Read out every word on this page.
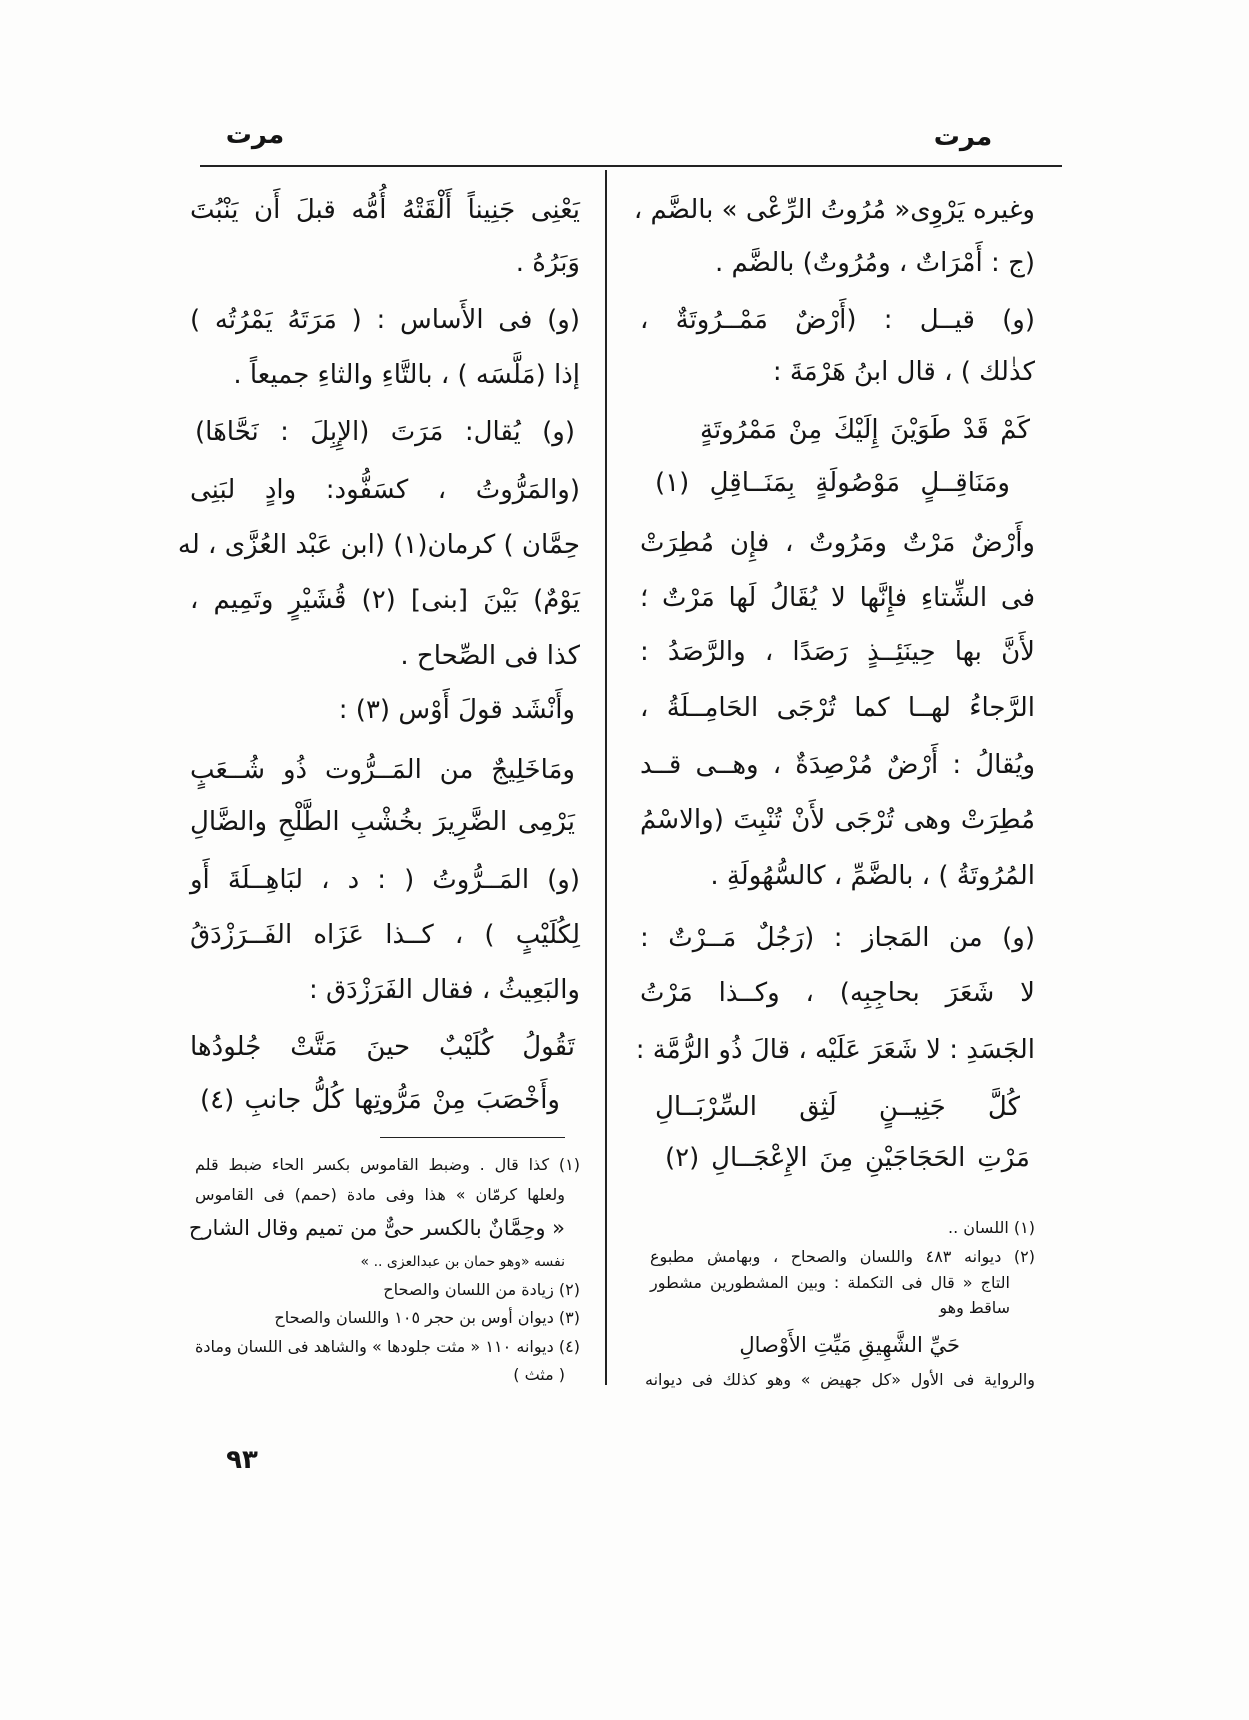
مرت
مرت
وغيره يَرْوِى« مُرُوتُ الرِّعْى » بالضَّم ،
(ج : أَمْرَاتٌ ، ومُرُوتٌ) بالضَّم .
(و) قيــل : (أَرْضٌ مَمْــرُوتَةٌ ،
كذٰلك ) ، قال ابنُ هَرْمَةَ :
كَمْ قَدْ طَوَيْنَ إِلَيْكَ مِنْ مَمْرُوتَةٍ
ومَنَاقِــلٍ مَوْصُولَةٍ بِمَنَــاقِلِ (١)
وأَرْضٌ مَرْتٌ ومَرُوتٌ ، فإِن مُطِرَتْ
فى الشِّتاءِ فإِنَّها لا يُقَالُ لَها مَرْتٌ ؛
لأَنَّ بها حِينَئِــذٍ رَصَدًا ، والرَّصَدُ :
الرَّجاءُ لهــا كما تُرْجَى الحَامِــلَةُ ،
ويُقالُ : أَرْضٌ مُرْصِدَةٌ ، وهــى قــد
مُطِرَتْ وهى تُرْجَى لأَنْ تُنْبِتَ (والاسْمُ
المُرُوتَةُ ) ، بالضَّمِّ ، كالسُّهُولَةِ .
(و) من المَجاز : (رَجُلٌ مَــرْتٌ :
لا شَعَرَ بحاجِبِه) ، وكــذا مَرْتُ
الجَسَدِ : لا شَعَرَ عَلَيْه ، قالَ ذُو الرُّمَّة :
كُلَّ جَنِيــنٍ لَثِق السِّرْبَــالِ
مَرْتِ الحَجَاجَيْنِ مِنَ الإِعْجَــالِ (٢)
(١) اللسان ..
(٢) ديوانه ٤٨٣ واللسان والصحاح ، وبهامش مطبوع
التاج « قال فى التكملة : وبين المشطورين مشطور
ساقط وهو
حَيِّ الشَّهِيقِ مَيِّتِ الأَوْصالِ
والرواية فى الأول «كل جهيض » وهو كذلك فى ديوانه
يَعْنِى جَنِيناً أَلْقَتْهُ أُمُّه قبلَ أَن يَنْبُتَ
وَبَرُهُ .
(و) فى الأَساس : ( مَرَتَهُ يَمْرُتُه )
إذا (مَلَّسَه ) ، بالتَّاءِ والثاءِ جميعاً .
(و) يُقال: مَرَتَ (الإِبِلَ : نَحَّاهَا)
(والمَرُّوتُ ، كسَفُّود: وادٍ لبَنِى
حِمَّان ) كرمان(١) (ابن عَبْد العُزَّى ، له
يَوْمٌ) بَيْنَ [بنى] (٢) قُشَيْرٍ وتَمِيم ،
كذا فى الصِّحاح .
وأَنْشَد قولَ أَوْس (٣) :
ومَاخَلِيجٌ من المَــرُّوت ذُو شُــعَبٍ
يَرْمِى الضَّرِيرَ بخُشْبِ الطَّلْحِ والضَّالِ
(و) المَــرُّوتُ ( : د ، لبَاهِــلَةَ أَو
لِكُلَيْبٍ ) ، كــذا عَزَاه الفَــرَزْدَقُ
والبَعِيثُ ، فقال الفَرَزْدَق :
تَقُولُ كُلَيْبٌ حينَ مَتَّتْ جُلودُها
وأَخْصَبَ مِنْ مَرُّوتِها كُلُّ جانبِ (٤)
(١) كذا قال . وضبط القاموس بكسر الحاء ضبط قلم
ولعلها كرمّان » هذا وفى مادة (حمم) فى القاموس
« وحِمَّانٌ بالكسر حىٌّ من تميم وقال الشارح
نفسه «وهو حمان بن عبدالعزى .. »
(٢) زيادة من اللسان والصحاح
(٣) ديوان أوس بن حجر ١٠٥ واللسان والصحاح
(٤) ديوانه ١١٠ « مثت جلودها » والشاهد فى اللسان ومادة
( مثث )
٩٣
